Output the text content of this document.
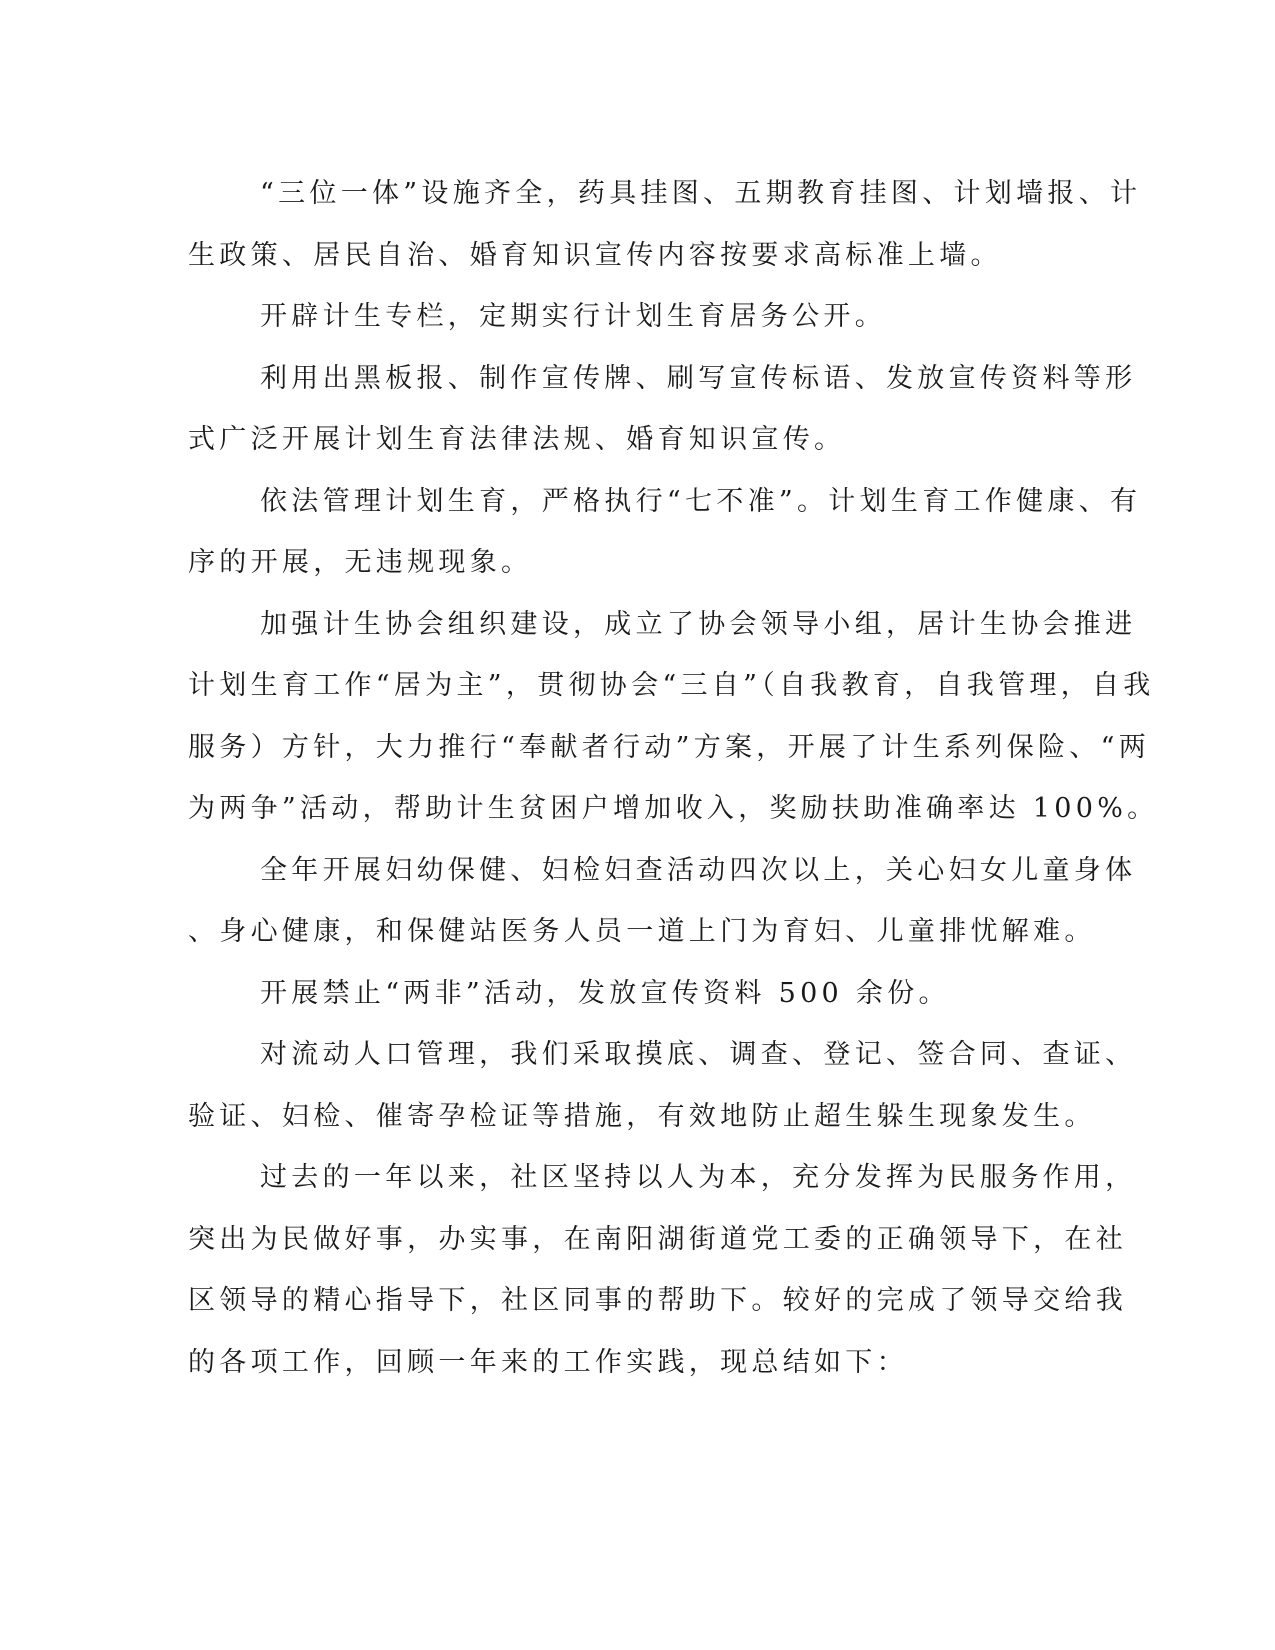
“三位一体”设施齐全，药具挂图、五期教育挂图、计划墙报、计
生政策、居民自治、婚育知识宣传内容按要求高标准上墙。
开辟计生专栏，定期实行计划生育居务公开。
利用出黑板报、制作宣传牌、刷写宣传标语、发放宣传资料等形
式广泛开展计划生育法律法规、婚育知识宣传。
依法管理计划生育，严格执行“七不准”。计划生育工作健康、有
序的开展，无违规现象。
加强计生协会组织建设，成立了协会领导小组，居计生协会推进
计划生育工作“居为主”，贯彻协会“三自”（自我教育，自我管理，自我
服务）方针，大力推行“奉献者行动”方案，开展了计生系列保险、“两
为两争”活动，帮助计生贫困户增加收入，奖励扶助准确率达 100%。
全年开展妇幼保健、妇检妇查活动四次以上，关心妇女儿童身体
、身心健康，和保健站医务人员一道上门为育妇、儿童排忧解难。
开展禁止“两非”活动，发放宣传资料 500 余份。
对流动人口管理，我们采取摸底、调查、登记、签合同、查证、
验证、妇检、催寄孕检证等措施，有效地防止超生躲生现象发生。
过去的一年以来，社区坚持以人为本，充分发挥为民服务作用，
突出为民做好事，办实事，在南阳湖街道党工委的正确领导下，在社
区领导的精心指导下，社区同事的帮助下。较好的完成了领导交给我
的各项工作，回顾一年来的工作实践，现总结如下：
